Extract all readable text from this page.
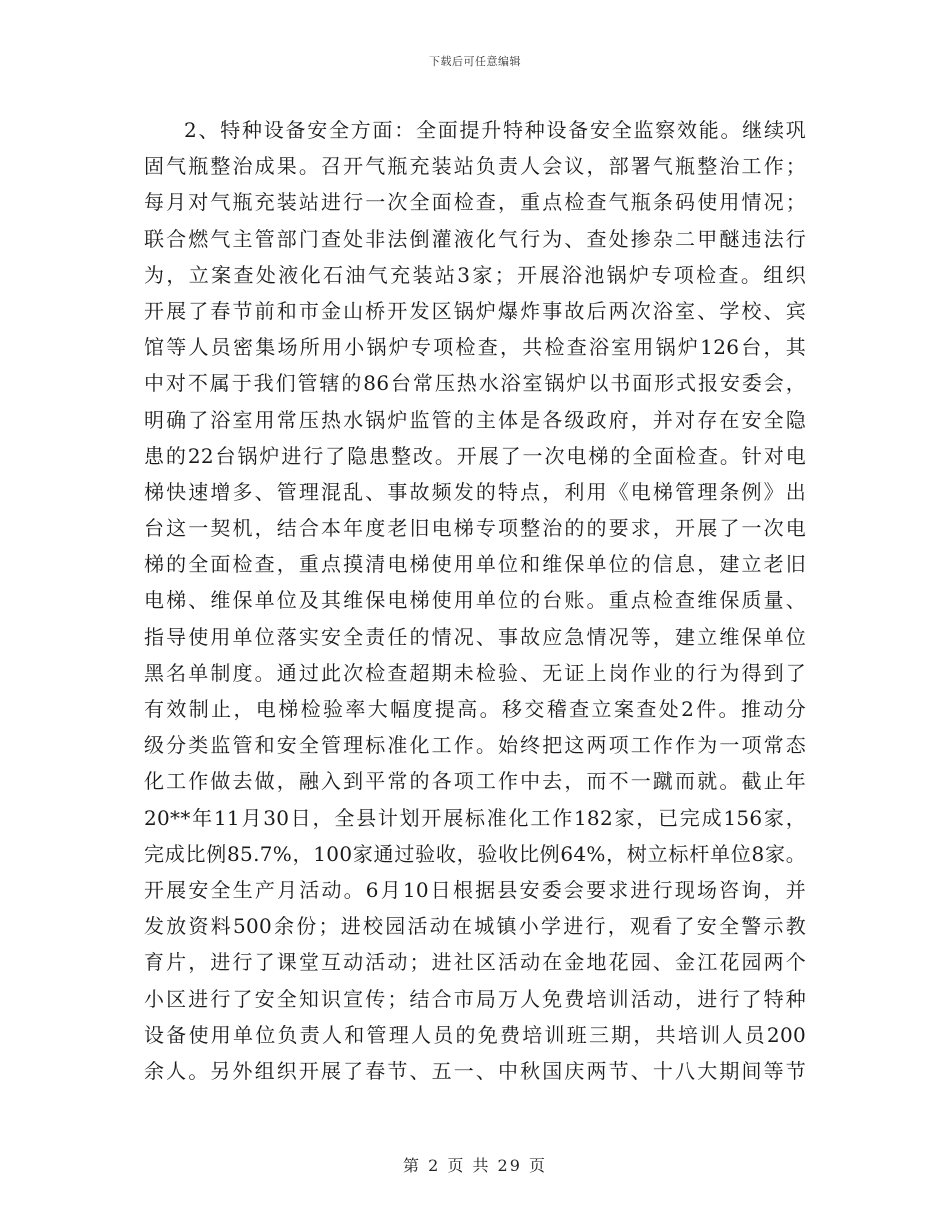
下载后可任意编辑
2、特种设备安全方面：全面提升特种设备安全监察效能。继续巩
固气瓶整治成果。召开气瓶充装站负责人会议，部署气瓶整治工作；
每月对气瓶充装站进行一次全面检查，重点检查气瓶条码使用情况；
联合燃气主管部门查处非法倒灌液化气行为、查处掺杂二甲醚违法行
为，立案查处液化石油气充装站3家；开展浴池锅炉专项检查。组织
开展了春节前和市金山桥开发区锅炉爆炸事故后两次浴室、学校、宾
馆等人员密集场所用小锅炉专项检查，共检查浴室用锅炉126台，其
中对不属于我们管辖的86台常压热水浴室锅炉以书面形式报安委会，
明确了浴室用常压热水锅炉监管的主体是各级政府，并对存在安全隐
患的22台锅炉进行了隐患整改。开展了一次电梯的全面检查。针对电
梯快速增多、管理混乱、事故频发的特点，利用《电梯管理条例》出
台这一契机，结合本年度老旧电梯专项整治的的要求，开展了一次电
梯的全面检查，重点摸清电梯使用单位和维保单位的信息，建立老旧
电梯、维保单位及其维保电梯使用单位的台账。重点检查维保质量、
指导使用单位落实安全责任的情况、事故应急情况等，建立维保单位
黑名单制度。通过此次检查超期未检验、无证上岗作业的行为得到了
有效制止，电梯检验率大幅度提高。移交稽查立案查处2件。推动分
级分类监管和安全管理标准化工作。始终把这两项工作作为一项常态
化工作做去做，融入到平常的各项工作中去，而不一蹴而就。截止年
20**年11月30日，全县计划开展标准化工作182家，已完成156家，
完成比例85.7%，100家通过验收，验收比例64%，树立标杆单位8家。
开展安全生产月活动。6月10日根据县安委会要求进行现场咨询，并
发放资料500余份；进校园活动在城镇小学进行，观看了安全警示教
育片，进行了课堂互动活动；进社区活动在金地花园、金江花园两个
小区进行了安全知识宣传；结合市局万人免费培训活动，进行了特种
设备使用单位负责人和管理人员的免费培训班三期，共培训人员200
余人。另外组织开展了春节、五一、中秋国庆两节、十八大期间等节
第 2 页 共 29 页
